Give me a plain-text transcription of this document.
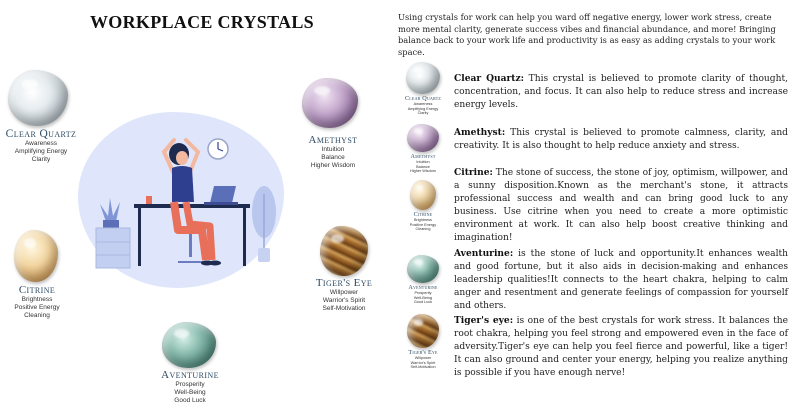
WORKPLACE CRYSTALS
Clear Quartz
Awareness
Amplifying Energy
Clarity
Amethyst
Intuition
Balance
Higher Wisdom
Citrine
Brightness
Positive Energy
Cleaning
Tiger's Eye
Willpower
Warrior's Spirit
Self-Motivation
Aventurine
Prosperity
Well-Being
Good Luck

Using crystals for work can help you ward off negative energy, lower work stress, create more mental clarity, generate success vibes and financial abundance, and more! Bringing balance back to your work life and productivity is as easy as adding crystals to your work space.

Clear Quartz
Awareness
Amplifying Energy
Clarity

Clear Quartz: This crystal is believed to promote clarity of thought, concentration, and focus. It can also help to reduce stress and increase energy levels.

Amethyst
Intuition
Balance
Higher Wisdom

Amethyst: This crystal is believed to promote calmness, clarity, and creativity. It is also thought to help reduce anxiety and stress.

Citrine
Brightness
Positive Energy
Cleaning

Citrine: The stone of success, the stone of joy, optimism, willpower, and a sunny disposition.Known as the merchant's stone, it attracts professional success and wealth and can bring good luck to any business. Use citrine when you need to create a more optimistic environment at work. It can also help boost creative thinking and imagination!

Aventurine
Prosperity
Well-Being
Good Luck

Aventurine: is the stone of luck and opportunity.It enhances wealth and good fortune, but it also aids in decision-making and enhances leadership qualities!It connects to the heart chakra, helping to calm anger and resentment and generate feelings of compassion for yourself and others.

Tiger's Eye
Willpower
Warrior's Spirit
Self-Motivation

Tiger's eye: is one of the best crystals for work stress. It balances the root chakra, helping you feel strong and empowered even in the face of adversity.Tiger's eye can help you feel fierce and powerful, like a tiger! It can also ground and center your energy, helping you realize anything is possible if you have enough nerve!
